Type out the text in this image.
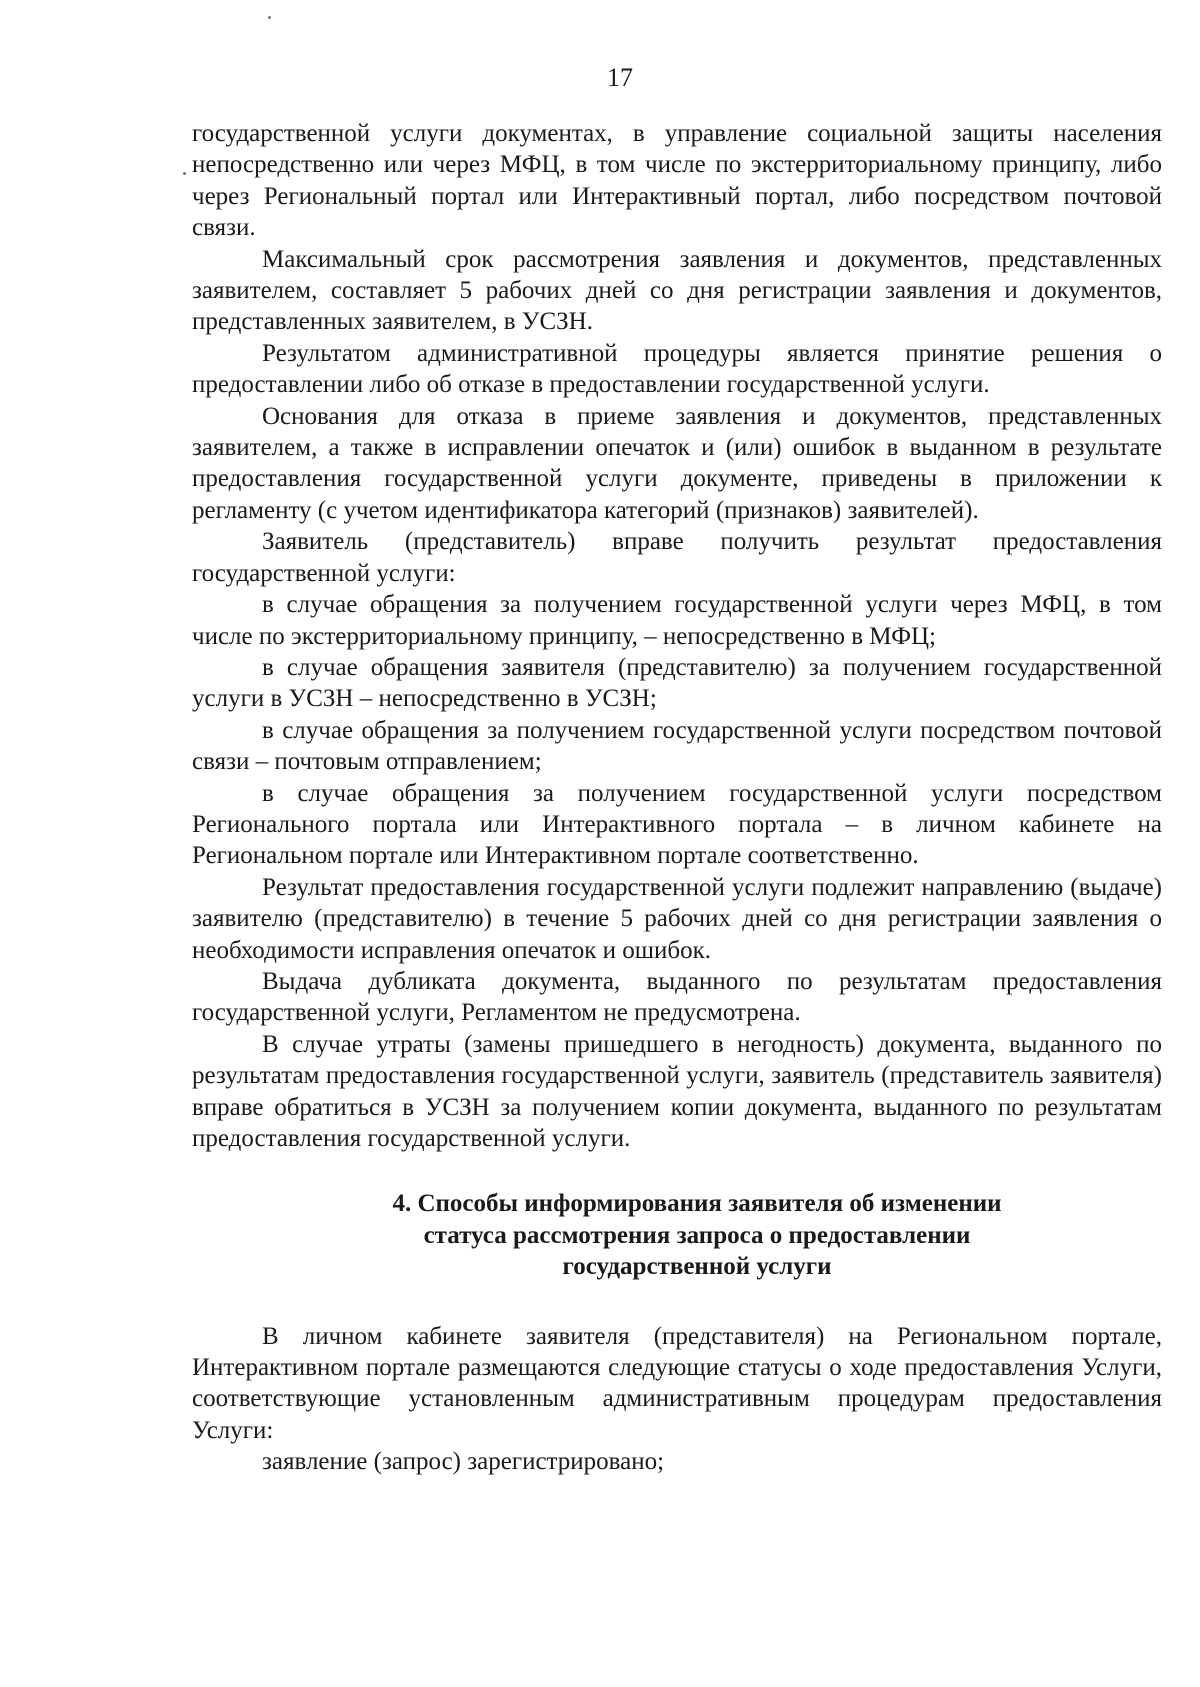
17

государственной услуги документах, в управление социальной защиты населения непосредственно или через МФЦ, в том числе по экстерриториальному принципу, либо через Региональный портал или Интерактивный портал, либо посредством почтовой связи.

Максимальный срок рассмотрения заявления и документов, представленных заявителем, составляет 5 рабочих дней со дня регистрации заявления и документов, представленных заявителем, в УСЗН.

Результатом административной процедуры является принятие решения о предоставлении либо об отказе в предоставлении государственной услуги.

Основания для отказа в приеме заявления и документов, представленных заявителем, а также в исправлении опечаток и (или) ошибок в выданном в результате предоставления государственной услуги документе, приведены в приложении к регламенту (с учетом идентификатора категорий (признаков) заявителей).

Заявитель (представитель) вправе получить результат предоставления государственной услуги:

в случае обращения за получением государственной услуги через МФЦ, в том числе по экстерриториальному принципу, – непосредственно в МФЦ;

в случае обращения заявителя (представителю) за получением государственной услуги в УСЗН – непосредственно в УСЗН;

в случае обращения за получением государственной услуги посредством почтовой связи – почтовым отправлением;

в случае обращения за получением государственной услуги посредством Регионального портала или Интерактивного портала – в личном кабинете на Региональном портале или Интерактивном портале соответственно.

Результат предоставления государственной услуги подлежит направлению (выдаче) заявителю (представителю) в течение 5 рабочих дней со дня регистрации заявления о необходимости исправления опечаток и ошибок.

Выдача дубликата документа, выданного по результатам предоставления государственной услуги, Регламентом не предусмотрена.

В случае утраты (замены пришедшего в негодность) документа, выданного по результатам предоставления государственной услуги, заявитель (представитель заявителя) вправе обратиться в УСЗН за получением копии документа, выданного по результатам предоставления государственной услуги.

4. Способы информирования заявителя об изменении
статуса рассмотрения запроса о предоставлении
государственной услуги

В личном кабинете заявителя (представителя) на Региональном портале, Интерактивном портале размещаются следующие статусы о ходе предоставления Услуги, соответствующие установленным административным процедурам предоставления Услуги:

заявление (запрос) зарегистрировано;
